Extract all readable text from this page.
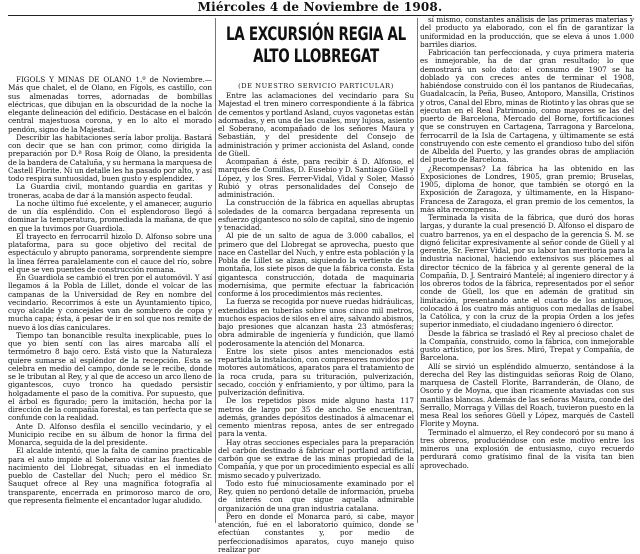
Miércoles 4 de Noviembre de 1908.
LA EXCURSIÓN REGIA AL ALTO LLOBREGAT
(DE NUESTRO SERVICIO PARTICULAR)

FIGOLS Y MINAS DE OLANO 1.º de Noviembre.—Más que chalet, el de Olano, en Fígols, es castillo, con sus almenadas torres, adornadas de bombillas eléctricas, que dibujan en la obscuridad de la noche la elegante delineación del edificio. Destácase en el balcón central majestuosa corona, y en lo alto el morado pendón, signo de la Majestad.

Describir las habitaciones sería labor prolija. Bastará con decir que se han con primor, como dirigida la preparación por D.ª Rosa Roig de Olano, la presidenta de la bandera de Cataluña, y su hermana la marquesa de Castell Florite. Ni un detalle les ha pasado por alto, y así todo respira suntuosidad, buen gusto y esplendidez.

La Guardia civil, montando guardia en garitas y troneras, acaba de dar á la mansión aspecto feudal.

La noche último fué excelente, y el amanecer, augurio de un día espléndido. Con el esplendoroso llegó á dominar la temperatura, promediada la mañana, de que en que la tuvimos por Guardiola.

El trayecto en ferrocarril hizolo D. Alfonso sobre una plataforma, para su goce objetivo del recital de espectáculo y abrupto panorama, sorprendente siempre la línea férrea paralelamente con el cauce del río, sobre el que se ven puentes de construcción romana.

En Guardiola se cambió el tren por el automóvil. Y así llegamos á la Pobla de Lillet, donde el volcar de las campanas de la Universidad de Rey en nombre del vecindario. Recorrimos á este un Ayuntamiento típico, cuyo alcalde y concejales van de sombrero de copa y mucha capa; ésta, á pesar de ir en sol que nos remite de nuevo á los días caniculares.

Tiempo tan bonancible resulta inexplicable, pues lo que yo bien sentí con las aires marcaba allí el termómetro 8 bajo cero. Está visto que la Naturaleza quiere sumarse al espléndor de la recepción. Esta se celebra en medio del campo, donde se le recibe, donde se le tributan al Rey, y al que de acceso un arco lleno de gigantescos, cuyo tronco ha quedado persistir holgadamente el paso de la comitiva. Por supuesto, que el árbol es figurado; pero la imitación, hecha por la dirección de la compañía forestal, es tan perfecta que se confunde con la realidad.

Ante D. Alfonso desfila el sencillo vecindario, y el Municipio recibe en su álbum de honor la firma del Monarca, seguida de la del presidente.

El alcalde intentó, que la falta de camino practicable para el auto impide al Soberano visitar las fuentes de nacimiento del Llobregat, situadas en el inmediato pueblo de Castellar del Nuch; pero el médico Sr. Sauquet ofrece al Rey una magnífica fotografía al transparente, encerrada en primoroso marco de oro, que representa fielmente el encantador lugar aludido.

Entre las aclamaciones del vecindario para Su Majestad el tren minero correspondiente á la fábrica de cementos y portland Asland, cuyos vagonetas están adornadas, y en una de las cuales, muy lujosa, asiento el Soberano, acompañado de los señores Maura y Sebastián, y del presidente del Consejo de administración y primer accionista del Asland, conde de Güell.

Acompañan á éste, para recibir á D. Alfonso, el marqués de Comillas, D. Eusebio y D. Santiago Güell y López, y los Sres. Ferrer-Vidal, Vidal y Soler, Massó Rubió y otras personalidades del Consejo de administración.

La construcción de la fábrica en aquellas abruptas soledades de la comarca bergadana representa un esfuerzo gigantesco no sólo de capital, sino de ingenio y tenacidad.

Al pie de un salto de agua de 3.000 caballos, el primero que del Llobregat se aprovecha, puesto que nace en Castellar del Nuch, y entre esta población y la Pobla de Lillet se alzan, siguiendo la vertiente de la montaña, los siete pisos de que la fábrica consta. Esta gigantesca construcción, dotada de maquinaria modernísima, que permite efectuar la fabricación conforme á los procedimientos más recientes.

La fuerza se recogida por nueve ruedas hidráulicas, extendidas en tuberías sobre unos cinco mil metros, muchos espacios de silos en el aire, salvando abismos, bajo presiones que alcanzan hasta 23 atmósferas; obra admirable de ingeniería y fundición, que llamó poderosamente la atención del Monarca.

Entre los siete pisos antes mencionados está repartida la instalación, con compresores movidos por motores automáticos, aparatos para el tratamiento de la roca cruda, para su trituración, pulverización, secado, cocción y enfriamiento, y por último, para la pulverización definitiva.

De los repetidos pisos mide alguno hasta 117 metros de largo por 35 de ancho. Se encuentran, además, grandes depósitos destinados á almacenar el cemento mientras reposa, antes de ser entregado para la venta.

Hay otras secciones especiales para la preparación del carbón destinado á fabricar el portland artificial, carbón que se extrae de las minas propiedad de la Compañía, y que por un procedimiento especial es allí mismo secado y pulverizado.

Todo esto fué minuciosamente examinado por el Rey, quien no perdonó detalle de información, prueba de interés con que sigue aquella admirable organización de una gran industria catalana.

Pero en donde el Monarca paró, si cabe, mayor atención, fué en el laboratorio químico, donde se efectúan constantes y, por medio de perfeccionadísimos aparatos, cuyo manejo quiso realizar por

sí mismo, constantes análisis de las primeras materias y del producto ya elaborado, con el fin de garantizar la uniformidad en la producción, que se eleva á unos 1.000 barriles diarios.

Fabricación tan perfeccionada, y cuya primera materia es inmejorable, ha de dar gran resultado; lo que demostrará un solo dato: el consumo de 1907 se ha doblado ya con creces antes de terminar el 1908, habiéndose construido con él los pantanos de Riudecañas, Guadalcacín, la Peña, Buseo, Antoporo, Mansilla, Cristinos y otros, Canal del Ebro, minas de Riotinto y las obras que se ejecutan en el Real Patrimonio, como mayores se las del puerto de Barcelona, Mercado del Borne, fortificaciones que se construyen en Cartagena, Tarragona y Barcelona, ferrocarril de la Isla de Cartagena, y últimamente se está construyendo con este cemento el grandioso tubo del sifón de Albelda del Puerto, y las grandes obras de ampliación del puerto de Barcelona.

¿Recompensas? La fábrica ha las obtenido en las Exposiciones de Londres, 1905, gran premio; Bruselas, 1905, diploma de honor, que también se otorgó en la Exposición de Zaragoza, y últimamente, en la Hispano-Francesa de Zaragoza, el gran premio de los cementos, la más alta recompensa.

Terminada la visita de la fábrica, que duró dos horas largas, y durante la cual presenció D. Alfonso el disparo de cuatro barrenos, ya en el despacho de la gerencia S. M. se dignó felicitar expresivamente al señor conde de Güell y al gerente, Sr. Ferrer Vidal, por su labor tan meritoria para la industria nacional, haciendo extensivos sus plácemes al director técnico de la fábrica y al gerente general de la Compañía, D. J. Sentrairó Mantelé; al ingeniero director y á los obreros todos de la fábrica, representados por el señor conde de Güell, los que en ademán de gratitud sin limitación, presentando ante el cuarto de los antiguos, colocado á los cuatro más antiguos con medallas de Isabel la Católica, y con la cruz de la propia Orden a los jefes superior inmediato, el ciudadano ingeniero ó director.

Desde la fábrica se trasladó el Rey al precioso chalet de la Compañía, construido, como la fábrica, con inmejorable gusto artístico, por los Sres. Miró, Trepat y Compañía, de Barcelona.

Allí se sirvió un espléndido almuerzo, sentándose á la derecha del Rey las distinguidas señoras Roig de Olano, marquesa de Castell Florite, Barranderán, de Olano, de Osorio y de Moyna, que iban ricamente ataviadas con sus mantillas blancas. Además de las señoras Maura, conde del Serrallo, Morraga y Villas del Roach, tuvieron puesto en la mesa Real los señores Güell y López, marqués de Castell Florite y Moyna.

Terminado el almuerzo, el Rey condecoró por su mano á tres obreros, produciéndose con este motivo entre los mineros una explosión de entusiasmo, cuyo recuerdo perdurará como gratísimo final de la visita tan bien aprovechado.
